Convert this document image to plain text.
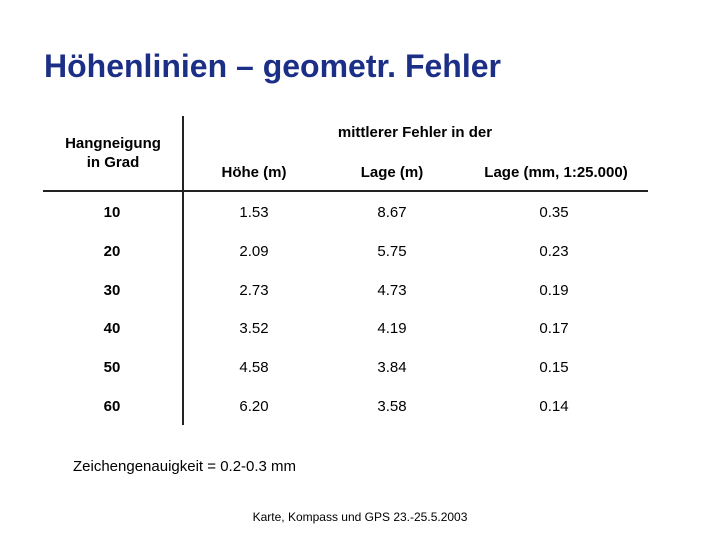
Höhenlinien – geometr. Fehler
Hangneigung
in Grad
mittlerer Fehler in der
Höhe (m)	Lage (m)	Lage (mm, 1:25.000)
10	1.53	8.67	0.35
20	2.09	5.75	0.23
30	2.73	4.73	0.19
40	3.52	4.19	0.17
50	4.58	3.84	0.15
60	6.20	3.58	0.14
Zeichengenauigkeit = 0.2-0.3 mm
Karte, Kompass und GPS 23.-25.5.2003
